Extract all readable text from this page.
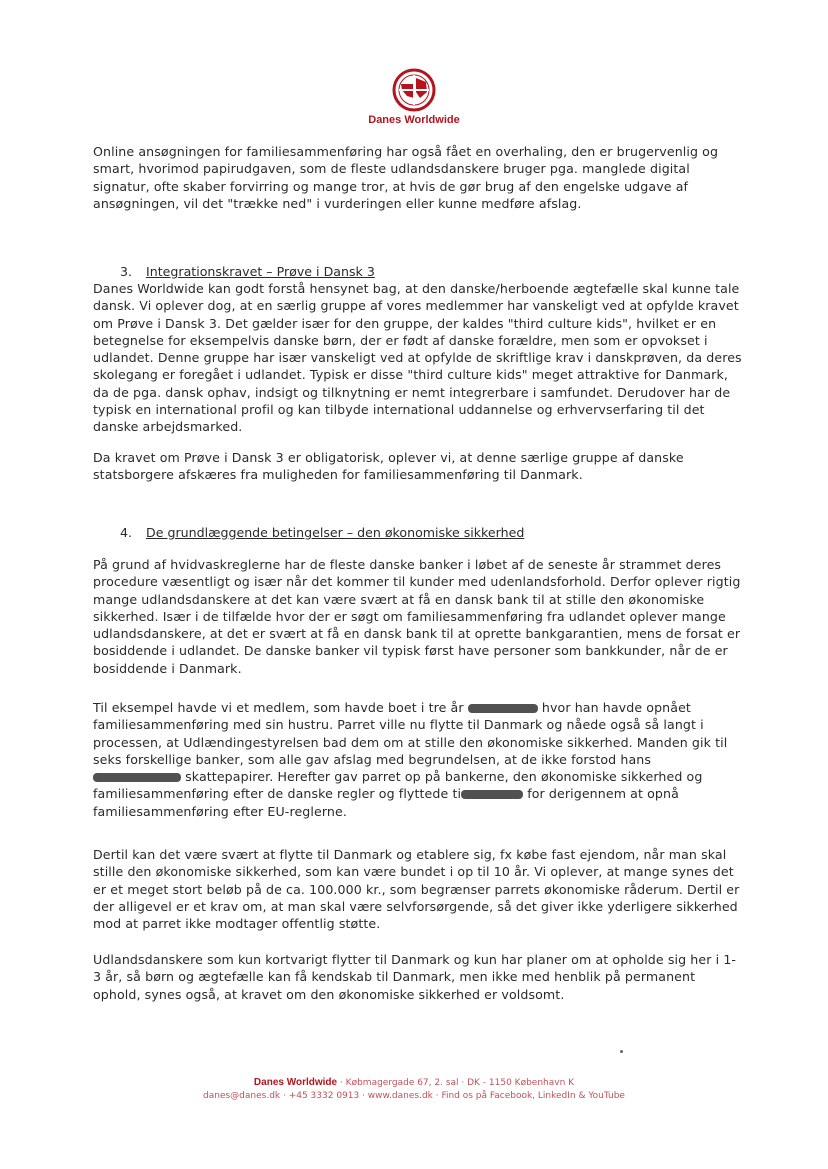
Danes Worldwide

Online ansøgningen for familiesammenføring har også fået en overhaling, den er brugervenlig og smart, hvorimod papirudgaven, som de fleste udlandsdanskere bruger pga. manglede digital signatur, ofte skaber forvirring og mange tror, at hvis de gør brug af den engelske udgave af ansøgningen, vil det "trække ned" i vurderingen eller kunne medføre afslag.

3. Integrationskravet – Prøve i Dansk 3

Danes Worldwide kan godt forstå hensynet bag, at den danske/herboende ægtefælle skal kunne tale dansk. Vi oplever dog, at en særlig gruppe af vores medlemmer har vanskeligt ved at opfylde kravet om Prøve i Dansk 3. Det gælder især for den gruppe, der kaldes "third culture kids", hvilket er en betegnelse for eksempelvis danske børn, der er født af danske forældre, men som er opvokset i udlandet. Denne gruppe har især vanskeligt ved at opfylde de skriftlige krav i danskprøven, da deres skolegang er foregået i udlandet. Typisk er disse "third culture kids" meget attraktive for Danmark, da de pga. dansk ophav, indsigt og tilknytning er nemt integrerbare i samfundet. Derudover har de typisk en international profil og kan tilbyde international uddannelse og erhvervserfaring til det danske arbejdsmarked.

Da kravet om Prøve i Dansk 3 er obligatorisk, oplever vi, at denne særlige gruppe af danske statsborgere afskæres fra muligheden for familiesammenføring til Danmark.

4. De grundlæggende betingelser – den økonomiske sikkerhed

På grund af hvidvaskreglerne har de fleste danske banker i løbet af de seneste år strammet deres procedure væsentligt og især når det kommer til kunder med udenlandsforhold. Derfor oplever rigtig mange udlandsdanskere at det kan være svært at få en dansk bank til at stille den økonomiske sikkerhed. Især i de tilfælde hvor der er søgt om familiesammenføring fra udlandet oplever mange udlandsdanskere, at det er svært at få en dansk bank til at oprette bankgarantien, mens de forsat er bosiddende i udlandet. De danske banker vil typisk først have personer som bankkunder, når de er bosiddende i Danmark.

Til eksempel havde vi et medlem, som havde boet i tre år	hvor han havde opnået familiesammenføring med sin hustru. Parret ville nu flytte til Danmark og nåede også så langt i processen, at Udlændingestyrelsen bad dem om at stille den økonomiske sikkerhed. Manden gik til seks forskellige banker, som alle gav afslag med begrundelsen, at de ikke forstod hans  skattepapirer. Herefter gav parret op på bankerne, den økonomiske sikkerhed og familiesammenføring efter de danske regler og flyttede ti	for derigennem at opnå familiesammenføring efter EU-reglerne.

Dertil kan det være svært at flytte til Danmark og etablere sig, fx købe fast ejendom, når man skal stille den økonomiske sikkerhed, som kan være bundet i op til 10 år. Vi oplever, at mange synes det er et meget stort beløb på de ca. 100.000 kr., som begrænser parrets økonomiske råderum. Dertil er der alligevel er et krav om, at man skal være selvforsørgende, så det giver ikke yderligere sikkerhed mod at parret ikke modtager offentlig støtte.

Udlandsdanskere som kun kortvarigt flytter til Danmark og kun har planer om at opholde sig her i 1-3 år, så børn og ægtefælle kan få kendskab til Danmark, men ikke med henblik på permanent ophold, synes også, at kravet om den økonomiske sikkerhed er voldsomt.

Danes Worldwide · Købmagergade 67, 2. sal · DK - 1150 København K
danes@danes.dk · +45 3332 0913 · www.danes.dk · Find os på Facebook, LinkedIn & YouTube
